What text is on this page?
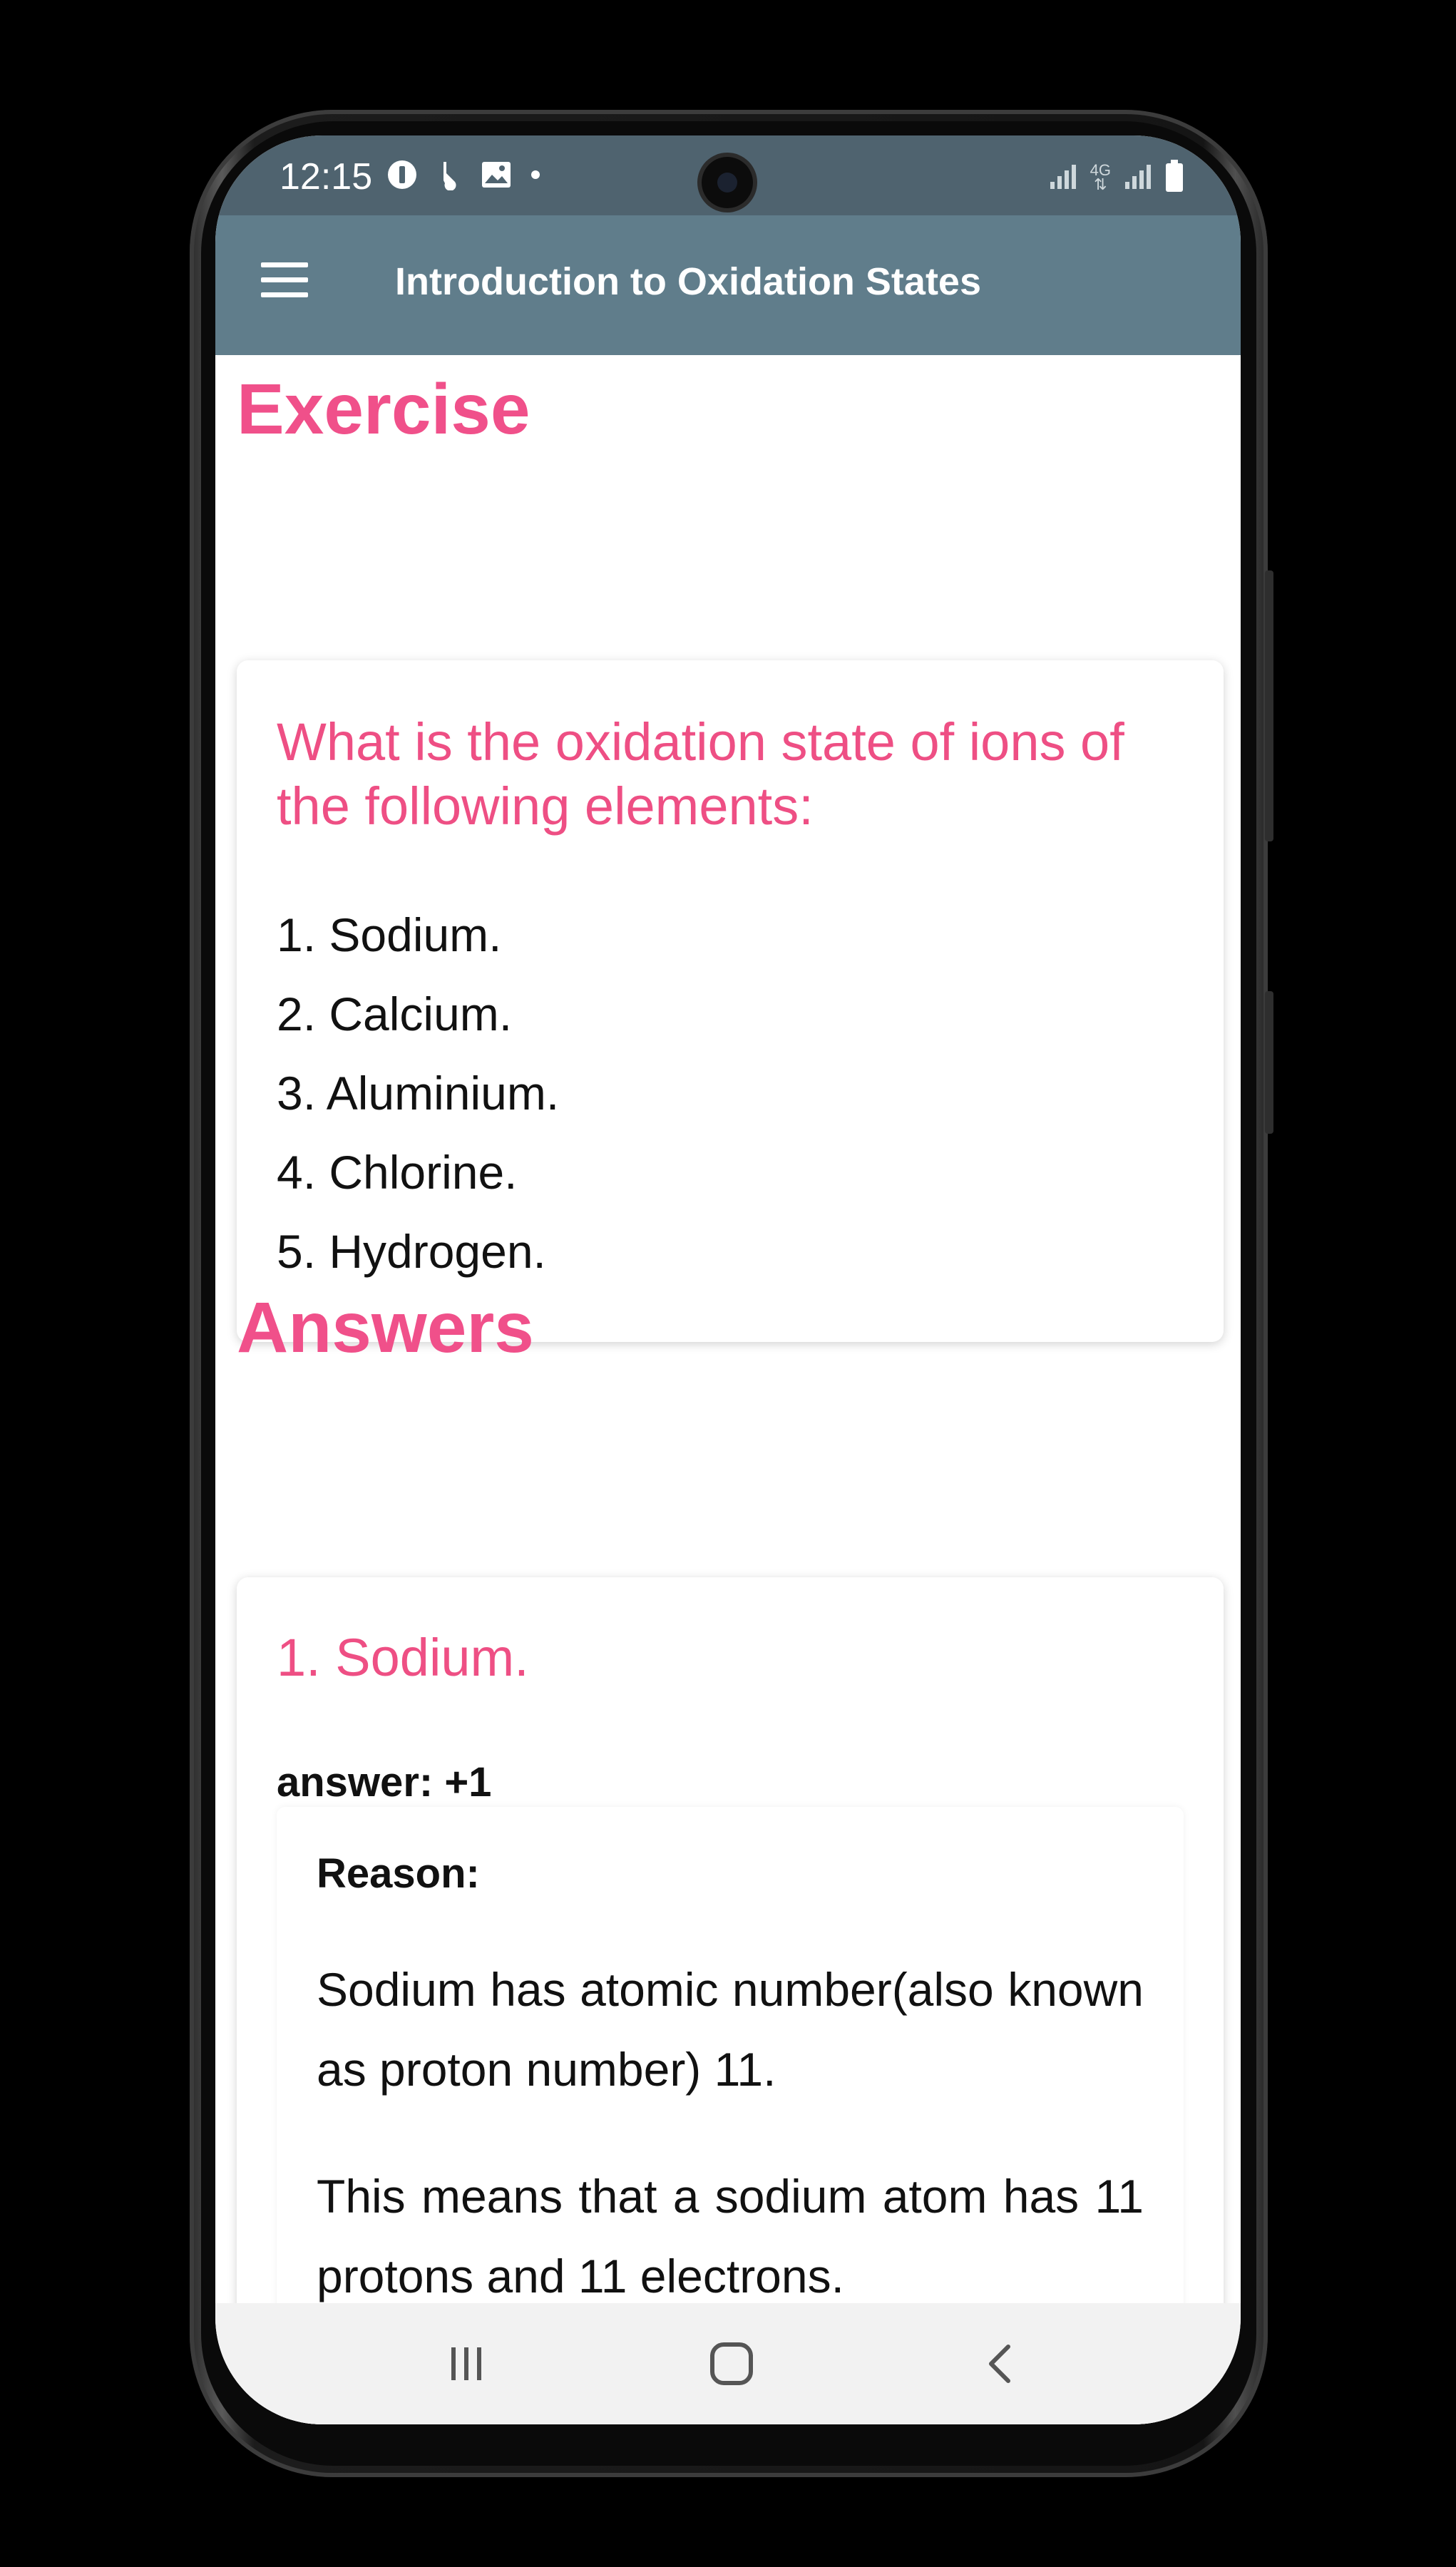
12:15	4G
⇅
Introduction to Oxidation States
Exercise
What is the oxidation state of ions of the following elements:
1. Sodium.
2. Calcium.
3. Aluminium.
4. Chlorine.
5. Hydrogen.
Answers
1. Sodium.
answer: +1
Reason:
Sodium has atomic number(also known as proton number) 11.
This means that a sodium atom has 11 protons and 11 electrons.
